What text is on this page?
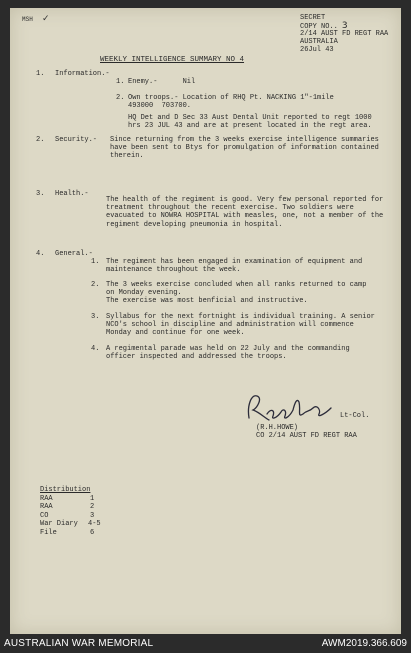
MSH ✓	SECRET
COPY NO.. 3
2/14 AUST FD REGT RAA
AUSTRALIA
26Jul 43
WEEKLY INTELLIGENCE SUMMARY NO 4
1. Information.-
1. Enemy.-      Nil
2. Own troops.- Location of RHQ Pt. NACKING 1"-1mile
493000  703700.
HQ Det and D Sec 33 Aust Dental Unit reported to regt 1000 hrs 23 JUL 43 and are at present located in the regt area.
2. Security.- Since returning from the 3 weeks exercise intelligence summaries have been sent to Btys for promulgation of information contained therein.
3. Health.-
The health of the regiment is good. Very few personal reported for treatment throughout the recent exercise. Two soldiers were evacuated to NOWRA HOSPITAL with measles, one, not a member of the regiment developing pneumonia in hospital.
4. General.-
1. The regiment has been engaged in examination of equipment and maintenance throughout the week.
2. The 3 weeks exercise concluded when all ranks returned to camp on Monday evening.
The exercise was most benficial and instructive.
3. Syllabus for the next fortnight is individual training. A senior NCO's school in discipline and administration will commence Monday and continue for one week.
4. A regimental parade was held on 22 July and the commanding officer inspected and addressed the troops.
Lt-Col.
(R.H.HOWE)
CO 2/14 AUST FD REGT RAA
Distribution
RAA	1
RAA	2
CO	3
War Diary 4-5
File	6
AUSTRALIAN WAR MEMORIAL	AWM2019.366.609
